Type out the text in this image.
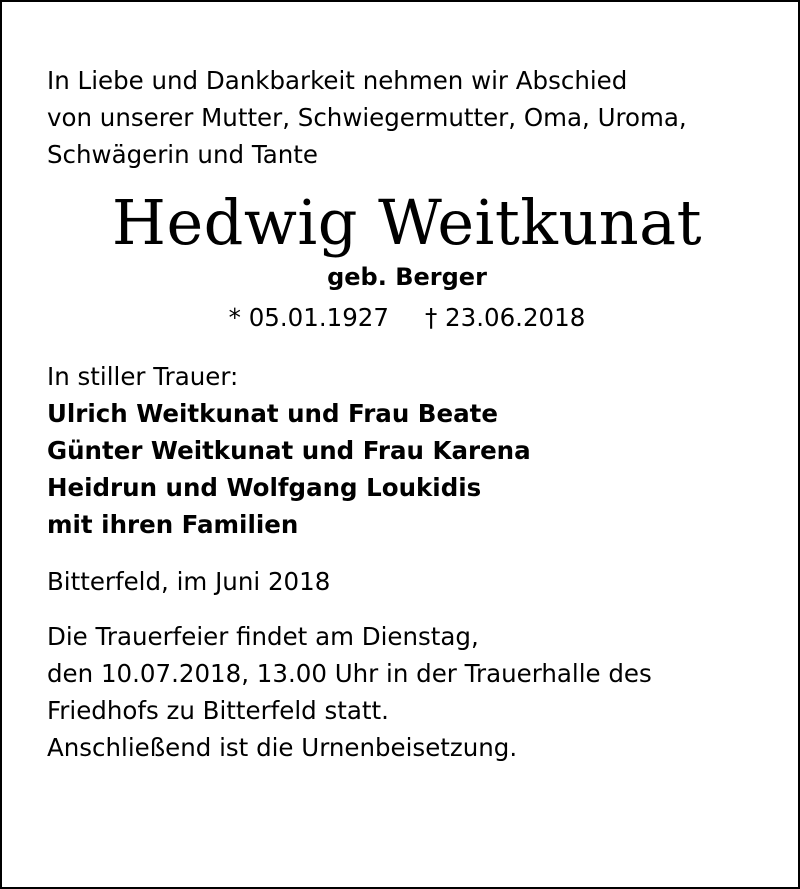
In Liebe und Dankbarkeit nehmen wir Abschied
von unserer Mutter, Schwiegermutter, Oma, Uroma,
Schwägerin und Tante
Hedwig Weitkunat
geb. Berger
* 05.01.1927 † 23.06.2018
In stiller Trauer:
Ulrich Weitkunat und Frau Beate
Günter Weitkunat und Frau Karena
Heidrun und Wolfgang Loukidis
mit ihren Familien
Bitterfeld, im Juni 2018
Die Trauerfeier findet am Dienstag,
den 10.07.2018, 13.00 Uhr in der Trauerhalle des
Friedhofs zu Bitterfeld statt.
Anschließend ist die Urnenbeisetzung.
